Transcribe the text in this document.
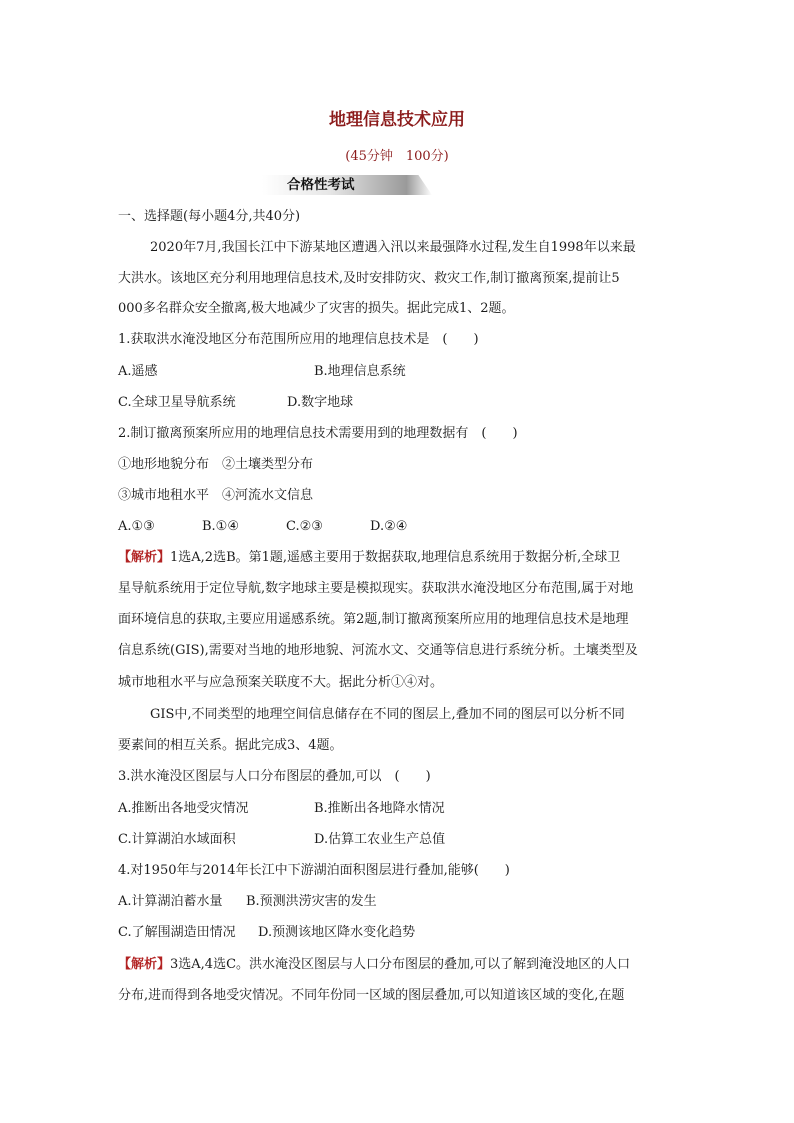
地理信息技术应用
(45分钟　100分)
合格性考试
一、选择题(每小题4分,共40分)
2020年7月,我国长江中下游某地区遭遇入汛以来最强降水过程,发生自1998年以来最
大洪水。该地区充分利用地理信息技术,及时安排防灾、救灾工作,制订撤离预案,提前让5
000多名群众安全撤离,极大地减少了灾害的损失。据此完成1、2题。
1.获取洪水淹没地区分布范围所应用的地理信息技术是　(　　)
A.遥感	B.地理信息系统
C.全球卫星导航系统	D.数字地球
2.制订撤离预案所应用的地理信息技术需要用到的地理数据有　(　　)
①地形地貌分布　②土壤类型分布
③城市地租水平　④河流水文信息
A.①③	B.①④	C.②③	D.②④
【解析】1选A,2选B。第1题,遥感主要用于数据获取,地理信息系统用于数据分析,全球卫
星导航系统用于定位导航,数字地球主要是模拟现实。获取洪水淹没地区分布范围,属于对地
面环境信息的获取,主要应用遥感系统。第2题,制订撤离预案所应用的地理信息技术是地理
信息系统(GIS),需要对当地的地形地貌、河流水文、交通等信息进行系统分析。土壤类型及
城市地租水平与应急预案关联度不大。据此分析①④对。
GIS中,不同类型的地理空间信息储存在不同的图层上,叠加不同的图层可以分析不同
要素间的相互关系。据此完成3、4题。
3.洪水淹没区图层与人口分布图层的叠加,可以　(　　)
A.推断出各地受灾情况	B.推断出各地降水情况
C.计算湖泊水域面积	D.估算工农业生产总值
4.对1950年与2014年长江中下游湖泊面积图层进行叠加,能够(　　)
A.计算湖泊蓄水量 B.预测洪涝灾害的发生
C.了解围湖造田情况 D.预测该地区降水变化趋势
【解析】3选A,4选C。洪水淹没区图层与人口分布图层的叠加,可以了解到淹没地区的人口
分布,进而得到各地受灾情况。不同年份同一区域的图层叠加,可以知道该区域的变化,在题
